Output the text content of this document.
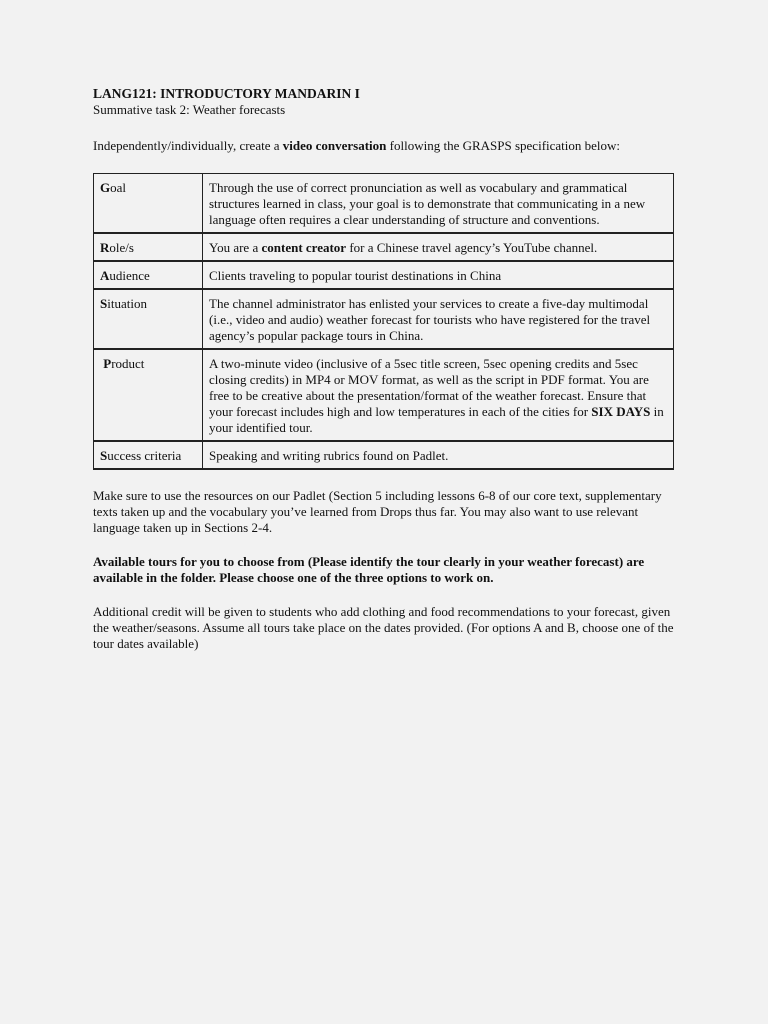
LANG121: INTRODUCTORY MANDARIN I

Summative task 2: Weather forecasts

Independently/individually, create a video conversation following the GRASPS specification below:

Goal	Through the use of correct pronunciation as well as vocabulary and grammatical structures learned in class, your goal is to demonstrate that communicating in a new language often requires a clear understanding of structure and conventions.
Role/s	You are a content creator for a Chinese travel agency’s YouTube channel.
Audience	Clients traveling to popular tourist destinations in China
Situation	The channel administrator has enlisted your services to create a five-day multimodal (i.e., video and audio) weather forecast for tourists who have registered for the travel agency’s popular package tours in China.
Product	A two-minute video (inclusive of a 5sec title screen, 5sec opening credits and 5sec closing credits) in MP4 or MOV format, as well as the script in PDF format. You are free to be creative about the presentation/format of the weather forecast. Ensure that your forecast includes high and low temperatures in each of the cities for SIX DAYS in your identified tour.
Success criteria	Speaking and writing rubrics found on Padlet.

Make sure to use the resources on our Padlet (Section 5 including lessons 6-8 of our core text, supplementary texts taken up and the vocabulary you’ve learned from Drops thus far. You may also want to use relevant language taken up in Sections 2-4.

Available tours for you to choose from (Please identify the tour clearly in your weather forecast) are available in the folder. Please choose one of the three options to work on.

Additional credit will be given to students who add clothing and food recommendations to your forecast, given the weather/seasons. Assume all tours take place on the dates provided. (For options A and B, choose one of the tour dates available)
